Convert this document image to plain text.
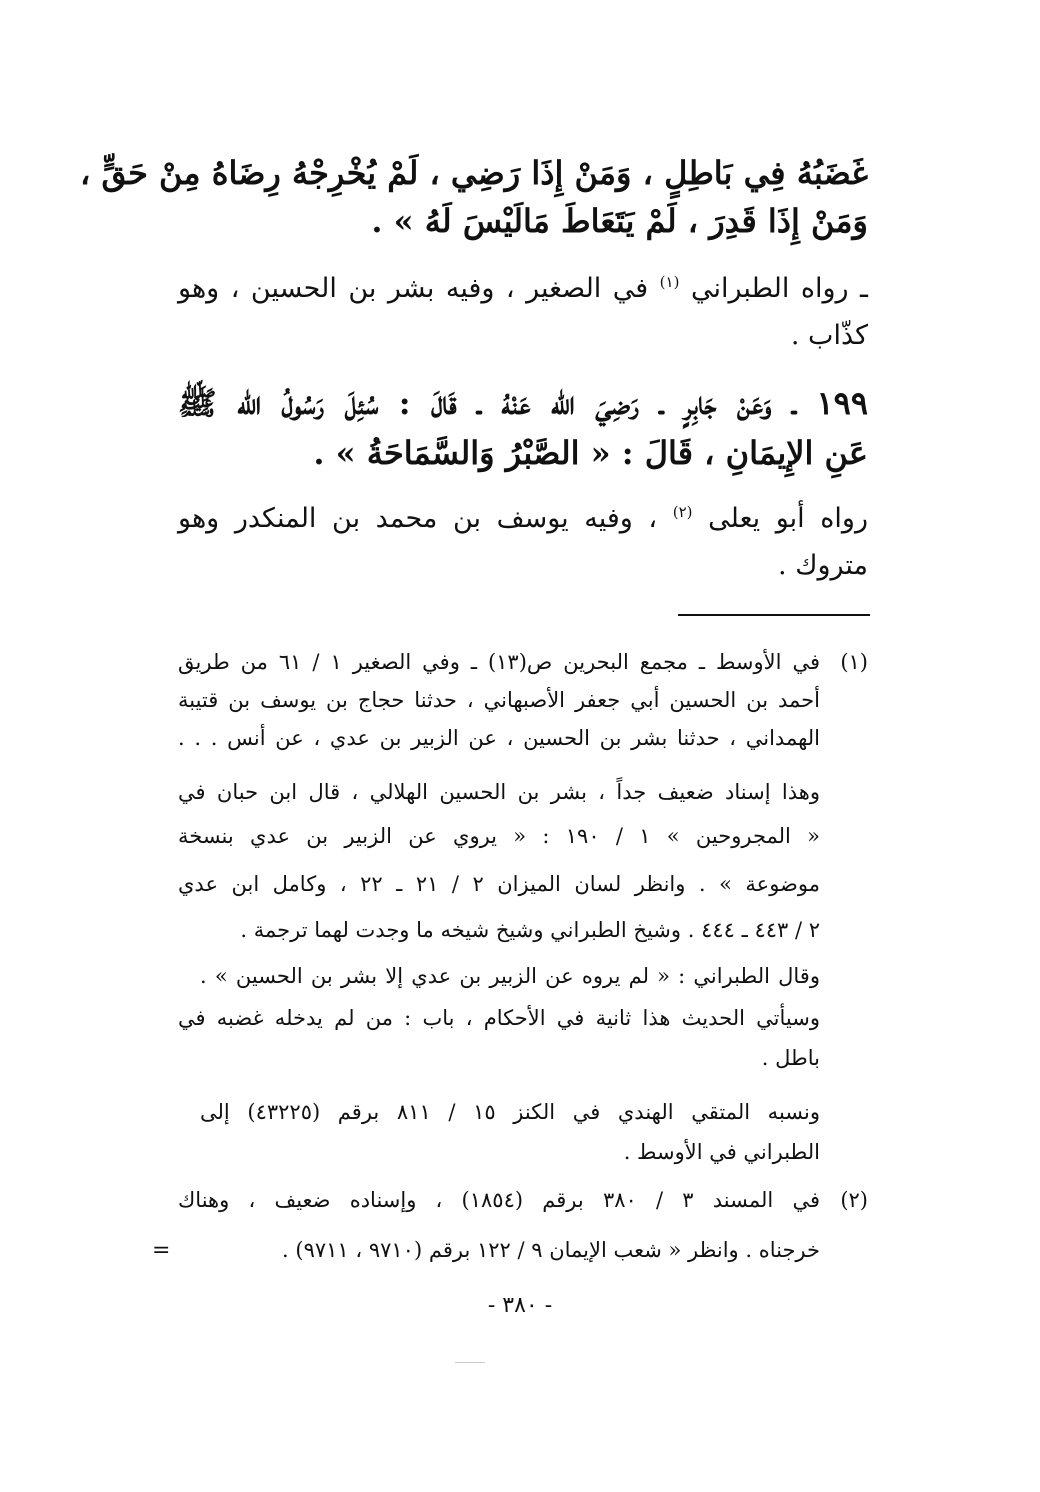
غَضَبُهُ فِي بَاطِلٍ ، وَمَنْ إِذَا رَضِي ، لَمْ يُخْرِجْهُ رِضَاهُ مِنْ حَقٍّ ،
وَمَنْ إِذَا قَدِرَ ، لَمْ يَتَعَاطَ مَالَيْسَ لَهُ » .
ـ رواه الطبراني $^{(١)}$ في الصغير ، وفيه بشر بن الحسين ، وهو
كذّاب .
١٩٩ ـ وَعَنْ جَابِرٍ ـ رَضِيَ الله عَنْهُ ـ قَالَ : سُئِلَ رَسُولُ الله ﷺ
عَنِ الإِيمَانِ ، قَالَ : « الصَّبْرُ وَالسَّمَاحَةُ » .
رواه أبو يعلى $^{(٢)}$ ، وفيه يوسف بن محمد بن المنكدر وهو
متروك .
(١)
في الأوسط ـ مجمع البحرين ص(١٣) ـ وفي الصغير ١ / ٦١ من طريق
أحمد بن الحسين أبي جعفر الأصبهاني ، حدثنا حجاج بن يوسف بن قتيبة
الهمداني ، حدثنا بشر بن الحسين ، عن الزبير بن عدي ، عن أنس . . .
وهذا إسناد ضعيف جداً ، بشر بن الحسين الهلالي ، قال ابن حبان في
« المجروحين » ١ / ١٩٠ : « يروي عن الزبير بن عدي بنسخة
موضوعة » . وانظر لسان الميزان ٢ / ٢١ ـ ٢٢ ، وكامل ابن عدي
٢ / ٤٤٣ ـ ٤٤٤ . وشيخ الطبراني وشيخ شيخه ما وجدت لهما ترجمة .
وقال الطبراني : « لم يروه عن الزبير بن عدي إلا بشر بن الحسين » .
وسيأتي الحديث هذا ثانية في الأحكام ، باب : من لم يدخله غضبه في
باطل .
ونسبه المتقي الهندي في الكنز ١٥ / ٨١١ برقم (٤٣٢٢٥) إلى
الطبراني في الأوسط .
(٢)
في المسند ٣ / ٣٨٠ برقم (١٨٥٤) ، وإسناده ضعيف ، وهناك
خرجناه . وانظر « شعب الإيمان ٩ / ١٢٢ برقم (٩٧١٠ ، ٩٧١١) .
=
- ٣٨٠ -
